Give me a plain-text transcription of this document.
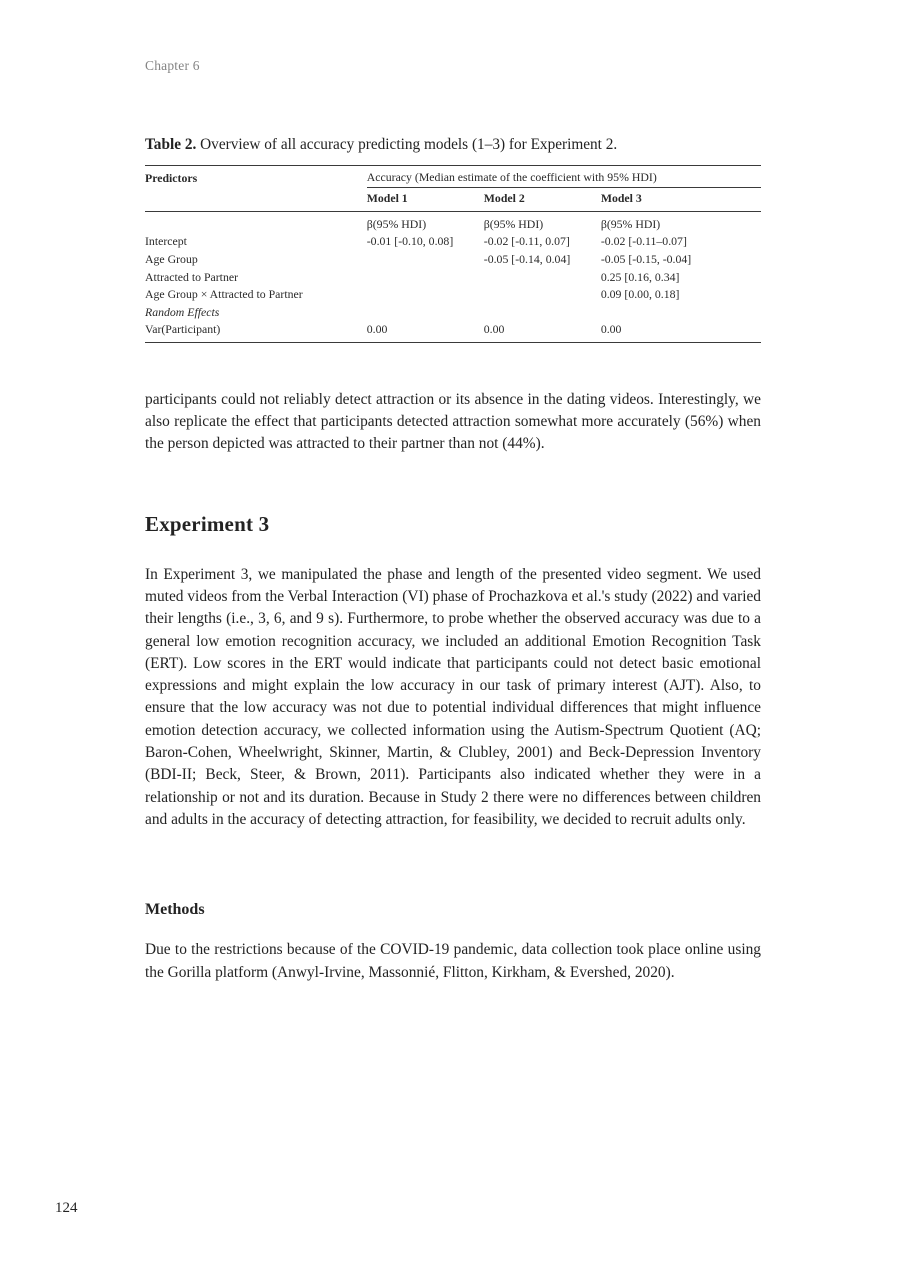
Chapter 6

Table 2. Overview of all accuracy predicting models (1–3) for Experiment 2.

Predictors	Accuracy (Median estimate of the coefficient with 95% HDI)		
	Model 1	Model 2	Model 3
	β(95% HDI)	β(95% HDI)	β(95% HDI)
Intercept	-0.01 [-0.10, 0.08]	-0.02 [-0.11, 0.07]	-0.02 [-0.11–0.07]
Age Group		-0.05 [-0.14, 0.04]	-0.05 [-0.15, -0.04]
Attracted to Partner			0.25 [0.16, 0.34]
Age Group × Attracted to Partner			0.09 [0.00, 0.18]
Random Effects			
Var(Participant)	0.00	0.00	0.00

participants could not reliably detect attraction or its absence in the dating videos. Interestingly, we also replicate the effect that participants detected attraction somewhat more accurately (56%) when the person depicted was attracted to their partner than not (44%).

Experiment 3

In Experiment 3, we manipulated the phase and length of the presented video segment. We used muted videos from the Verbal Interaction (VI) phase of Prochazkova et al.'s study (2022) and varied their lengths (i.e., 3, 6, and 9 s). Furthermore, to probe whether the observed accuracy was due to a general low emotion recognition accuracy, we included an additional Emotion Recognition Task (ERT). Low scores in the ERT would indicate that participants could not detect basic emotional expressions and might explain the low accuracy in our task of primary interest (AJT). Also, to ensure that the low accuracy was not due to potential individual differences that might influence emotion detection accuracy, we collected information using the Autism-Spectrum Quotient (AQ; Baron-Cohen, Wheelwright, Skinner, Martin, & Clubley, 2001) and Beck-Depression Inventory (BDI-II; Beck, Steer, & Brown, 2011). Participants also indicated whether they were in a relationship or not and its duration. Because in Study 2 there were no differences between children and adults in the accuracy of detecting attraction, for feasibility, we decided to recruit adults only.

Methods

Due to the restrictions because of the COVID-19 pandemic, data collection took place online using the Gorilla platform (Anwyl-Irvine, Massonnié, Flitton, Kirkham, & Evershed, 2020).

124
